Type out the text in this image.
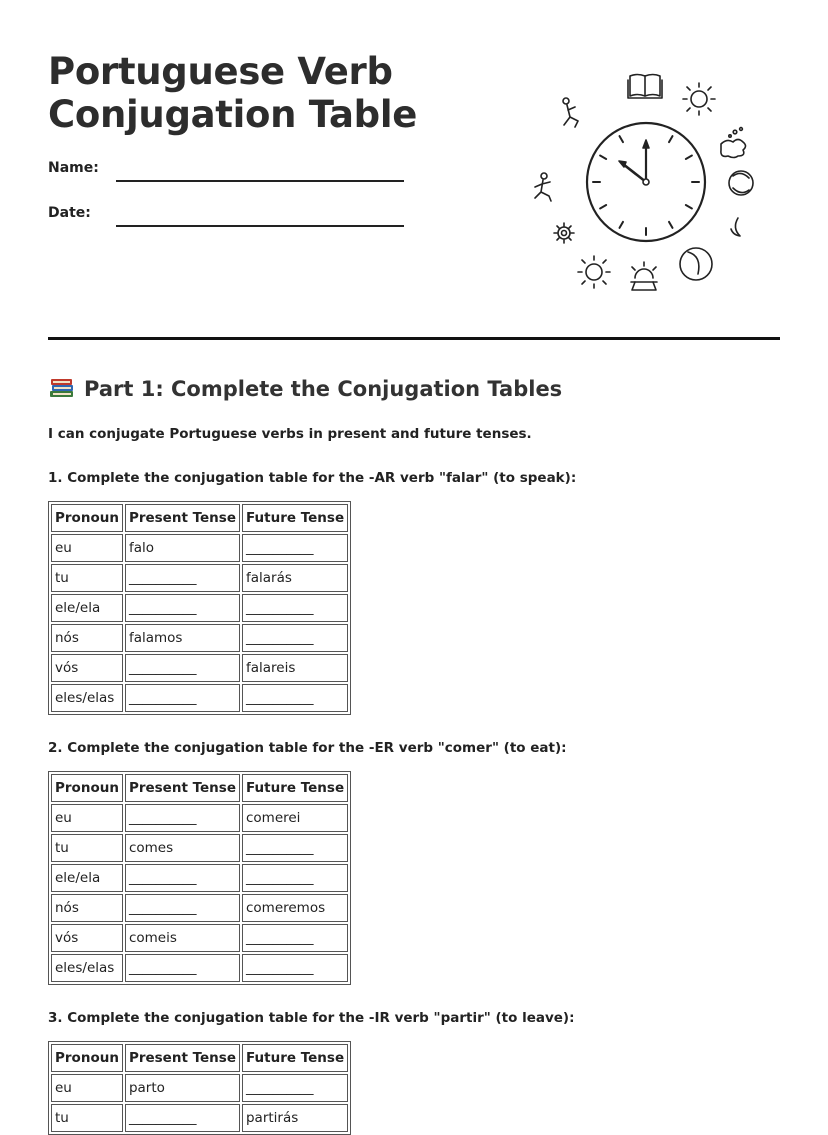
Portuguese Verb
Conjugation Table
Name:
Date:
Part 1: Complete the Conjugation Tables
I can conjugate Portuguese verbs in present and future tenses.
1. Complete the conjugation table for the -AR verb "falar" (to speak):
Pronoun	Present Tense	Future Tense
eu	falo	__________
tu	__________	falarás
ele/ela	__________	__________
nós	falamos	__________
vós	__________	falareis
eles/elas	__________	__________
2. Complete the conjugation table for the -ER verb "comer" (to eat):
Pronoun	Present Tense	Future Tense
eu	__________	comerei
tu	comes	__________
ele/ela	__________	__________
nós	__________	comeremos
vós	comeis	__________
eles/elas	__________	__________
3. Complete the conjugation table for the -IR verb "partir" (to leave):
Pronoun	Present Tense	Future Tense
eu	parto	__________
tu	__________	partirás
